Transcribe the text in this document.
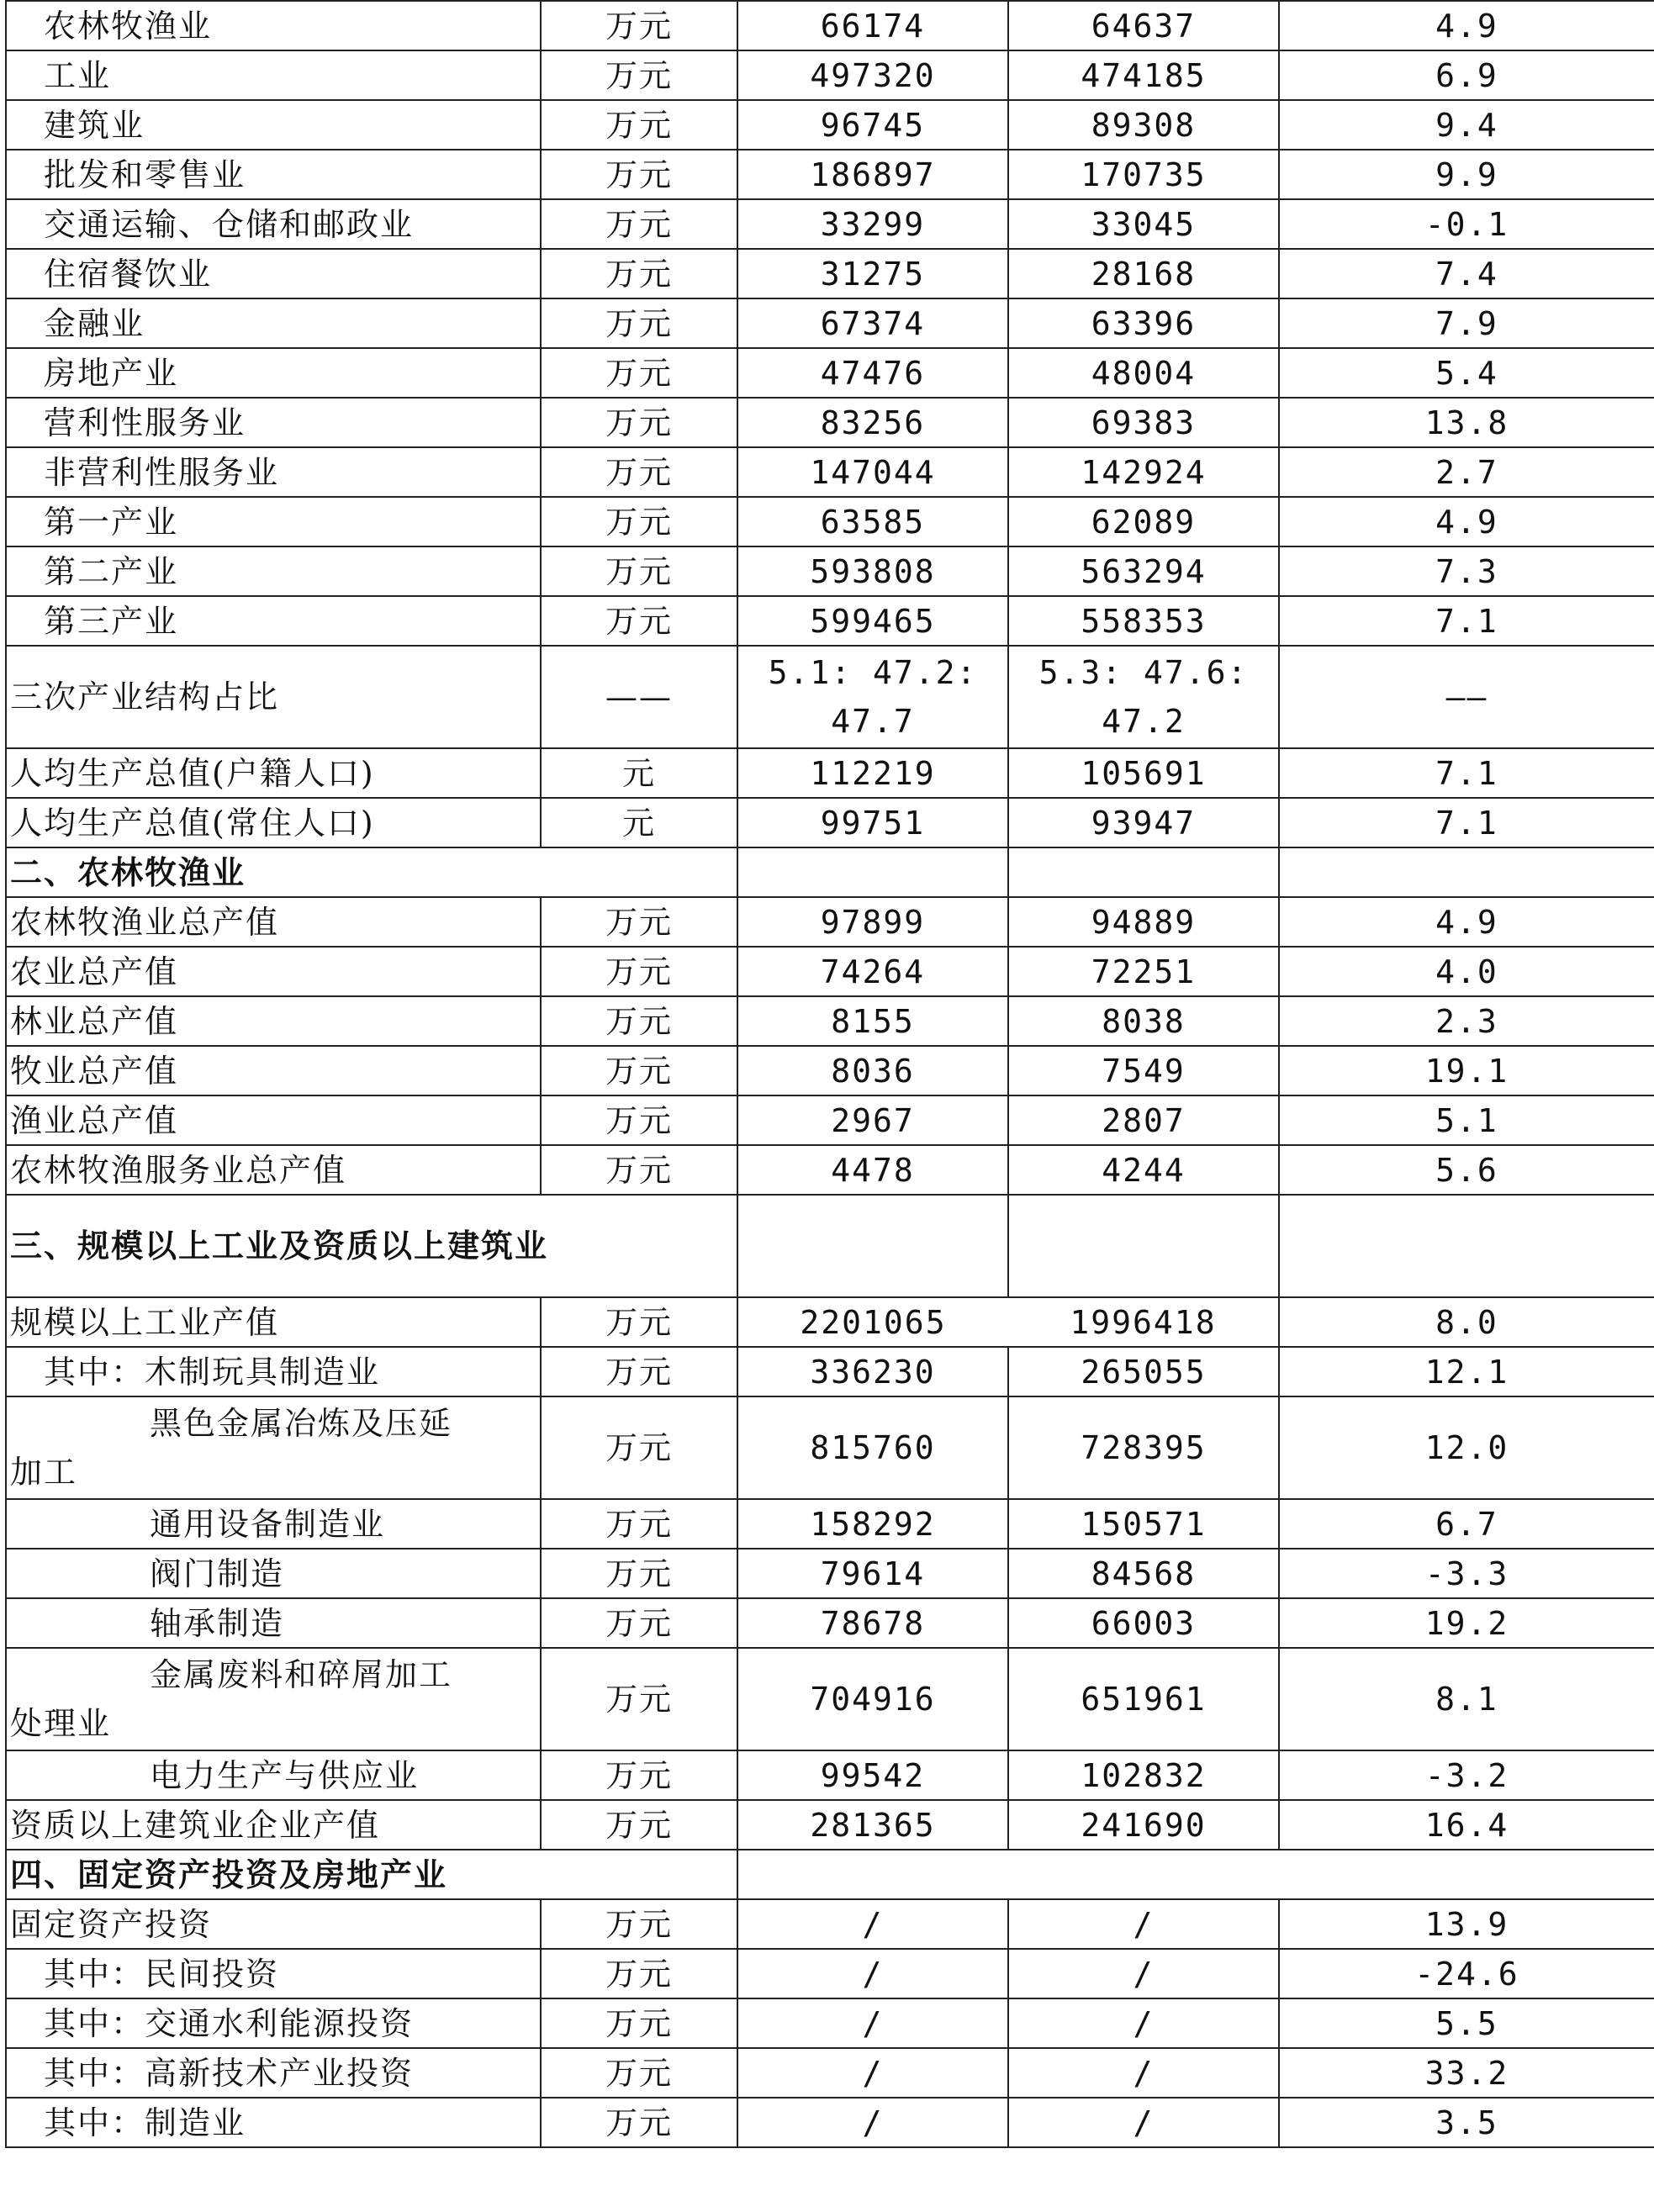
农林牧渔业	万元	66174	64637	4.9
工业	万元	497320	474185	6.9
建筑业	万元	96745	89308	9.4
批发和零售业	万元	186897	170735	9.9
交通运输、仓储和邮政业	万元	33299	33045	-0.1
住宿餐饮业	万元	31275	28168	7.4
金融业	万元	67374	63396	7.9
房地产业	万元	47476	48004	5.4
营利性服务业	万元	83256	69383	13.8
非营利性服务业	万元	147044	142924	2.7
第一产业	万元	63585	62089	4.9
第二产业	万元	593808	563294	7.3
第三产业	万元	599465	558353	7.1
三次产业结构占比	——	5.1: 47.2: 47.7	5.3: 47.6: 47.2	——
人均生产总值(户籍人口)	元	112219	105691	7.1
人均生产总值(常住人口)	元	99751	93947	7.1
二、农林牧渔业				
农林牧渔业总产值	万元	97899	94889	4.9
农业总产值	万元	74264	72251	4.0
林业总产值	万元	8155	8038	2.3
牧业总产值	万元	8036	7549	19.1
渔业总产值	万元	2967	2807	5.1
农林牧渔服务业总产值	万元	4478	4244	5.6
三、规模以上工业及资质以上建筑业				
规模以上工业产值	万元	2201065	1996418	8.0
其中：木制玩具制造业	万元	336230	265055	12.1

黑色金属冶炼及压延
加工	万元	815760	728395	12.0
通用设备制造业	万元	158292	150571	6.7
阀门制造	万元	79614	84568	-3.3
轴承制造	万元	78678	66003	19.2

金属废料和碎屑加工
处理业	万元	704916	651961	8.1
电力生产与供应业	万元	99542	102832	-3.2
资质以上建筑业企业产值	万元	281365	241690	16.4
四、固定资产投资及房地产业				
固定资产投资	万元	/	/	13.9
其中：民间投资	万元	/	/	-24.6
其中：交通水利能源投资	万元	/	/	5.5
其中：高新技术产业投资	万元	/	/	33.2
其中：制造业	万元	/	/	3.5
